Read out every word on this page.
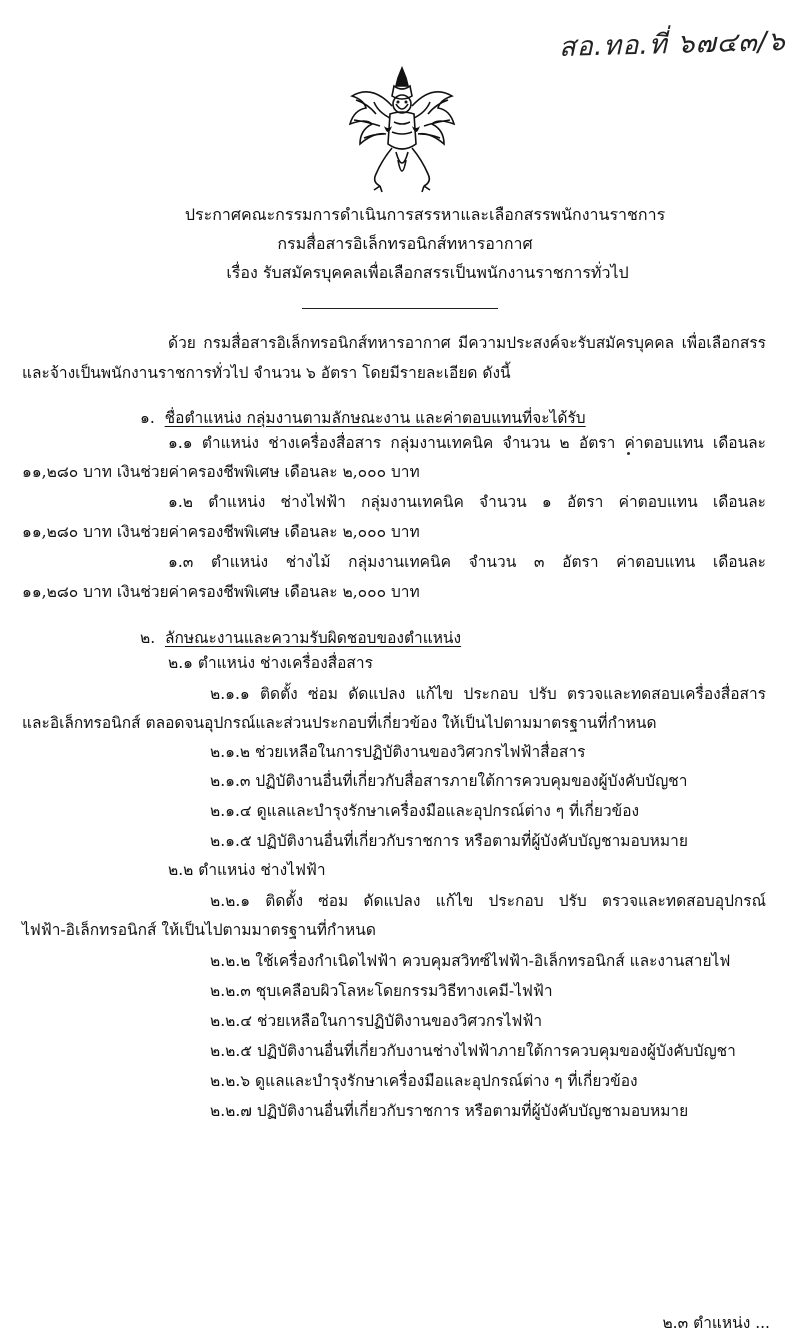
สอ.ทอ.ที่ ๖๗๔๓/๖
ประกาศคณะกรรมการดำเนินการสรรหาและเลือกสรรพนักงานราชการ
กรมสื่อสารอิเล็กทรอนิกส์ทหารอากาศ
เรื่อง รับสมัครบุคคลเพื่อเลือกสรรเป็นพนักงานราชการทั่วไป
ด้วย กรมสื่อสารอิเล็กทรอนิกส์ทหารอากาศ มีความประสงค์จะรับสมัครบุคคล เพื่อเลือกสรร
และจ้างเป็นพนักงานราชการทั่วไป จำนวน ๖ อัตรา โดยมีรายละเอียด ดังนี้
๑. ชื่อตำแหน่ง กลุ่มงานตามลักษณะงาน และค่าตอบแทนที่จะได้รับ
๑.๑ ตำแหน่ง ช่างเครื่องสื่อสาร กลุ่มงานเทคนิค จำนวน ๒ อัตรา ค่าตอบแทน เดือนละ
๑๑,๒๘๐ บาท เงินช่วยค่าครองชีพพิเศษ เดือนละ ๒,๐๐๐ บาท
๑.๒ ตำแหน่ง ช่างไฟฟ้า กลุ่มงานเทคนิค จำนวน ๑ อัตรา ค่าตอบแทน เดือนละ
๑๑,๒๘๐ บาท เงินช่วยค่าครองชีพพิเศษ เดือนละ ๒,๐๐๐ บาท
๑.๓ ตำแหน่ง ช่างไม้ กลุ่มงานเทคนิค จำนวน ๓ อัตรา ค่าตอบแทน เดือนละ
๑๑,๒๘๐ บาท เงินช่วยค่าครองชีพพิเศษ เดือนละ ๒,๐๐๐ บาท
๒. ลักษณะงานและความรับผิดชอบของตำแหน่ง
๒.๑ ตำแหน่ง ช่างเครื่องสื่อสาร
๒.๑.๑ ติดตั้ง ซ่อม ดัดแปลง แก้ไข ประกอบ ปรับ ตรวจและทดสอบเครื่องสื่อสาร
และอิเล็กทรอนิกส์ ตลอดจนอุปกรณ์และส่วนประกอบที่เกี่ยวข้อง ให้เป็นไปตามมาตรฐานที่กำหนด
๒.๑.๒ ช่วยเหลือในการปฏิบัติงานของวิศวกรไฟฟ้าสื่อสาร
๒.๑.๓ ปฏิบัติงานอื่นที่เกี่ยวกับสื่อสารภายใต้การควบคุมของผู้บังคับบัญชา
๒.๑.๔ ดูแลและบำรุงรักษาเครื่องมือและอุปกรณ์ต่าง ๆ ที่เกี่ยวข้อง
๒.๑.๕ ปฏิบัติงานอื่นที่เกี่ยวกับราชการ หรือตามที่ผู้บังคับบัญชามอบหมาย
๒.๒ ตำแหน่ง ช่างไฟฟ้า
๒.๒.๑ ติดตั้ง ซ่อม ดัดแปลง แก้ไข ประกอบ ปรับ ตรวจและทดสอบอุปกรณ์
ไฟฟ้า-อิเล็กทรอนิกส์ ให้เป็นไปตามมาตรฐานที่กำหนด
๒.๒.๒ ใช้เครื่องกำเนิดไฟฟ้า ควบคุมสวิทซ์ไฟฟ้า-อิเล็กทรอนิกส์ และงานสายไฟ
๒.๒.๓ ชุบเคลือบผิวโลหะโดยกรรมวิธีทางเคมี-ไฟฟ้า
๒.๒.๔ ช่วยเหลือในการปฏิบัติงานของวิศวกรไฟฟ้า
๒.๒.๕ ปฏิบัติงานอื่นที่เกี่ยวกับงานช่างไฟฟ้าภายใต้การควบคุมของผู้บังคับบัญชา
๒.๒.๖ ดูแลและบำรุงรักษาเครื่องมือและอุปกรณ์ต่าง ๆ ที่เกี่ยวข้อง
๒.๒.๗ ปฏิบัติงานอื่นที่เกี่ยวกับราชการ หรือตามที่ผู้บังคับบัญชามอบหมาย
๒.๓ ตำแหน่ง ...
